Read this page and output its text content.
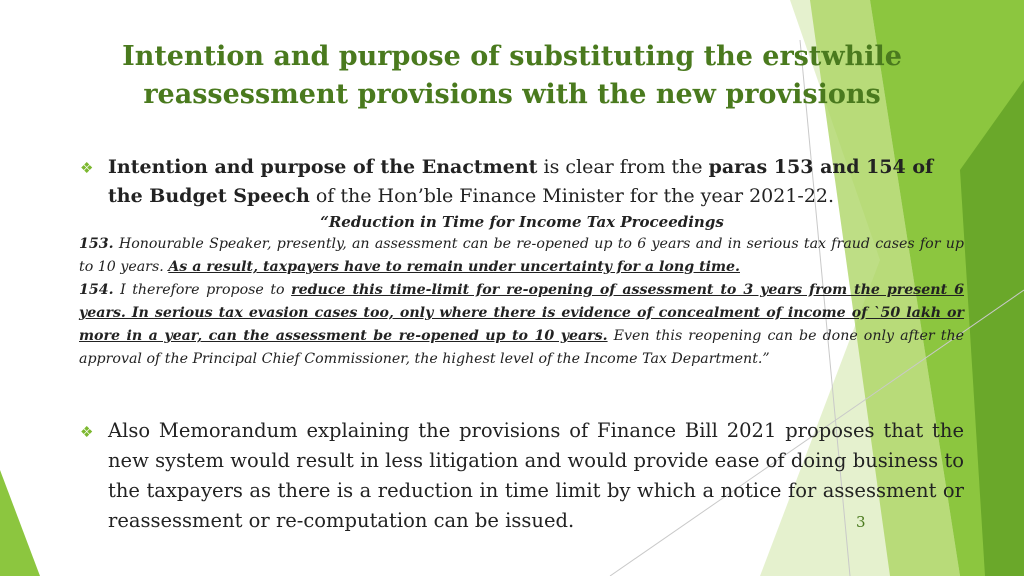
Intention and purpose of substituting the erstwhile reassessment provisions with the new provisions
❖ Intention and purpose of the Enactment is clear from the paras 153 and 154 of the Budget Speech of the Hon’ble Finance Minister for the year 2021-22.
“Reduction in Time for Income Tax Proceedings
153. Honourable Speaker, presently, an assessment can be re-opened up to 6 years and in serious tax fraud cases for up to 10 years. As a result, taxpayers have to remain under uncertainty for a long time.
154. I therefore propose to reduce this time-limit for re-opening of assessment to 3 years from the present 6 years. In serious tax evasion cases too, only where there is evidence of concealment of income of `50 lakh or more in a year, can the assessment be re-opened up to 10 years. Even this reopening can be done only after the approval of the Principal Chief Commissioner, the highest level of the Income Tax Department.”
❖ Also Memorandum explaining the provisions of Finance Bill 2021 proposes that the new system would result in less litigation and would provide ease of doing business to the taxpayers as there is a reduction in time limit by which a notice for assessment or reassessment or re-computation can be issued.	3
